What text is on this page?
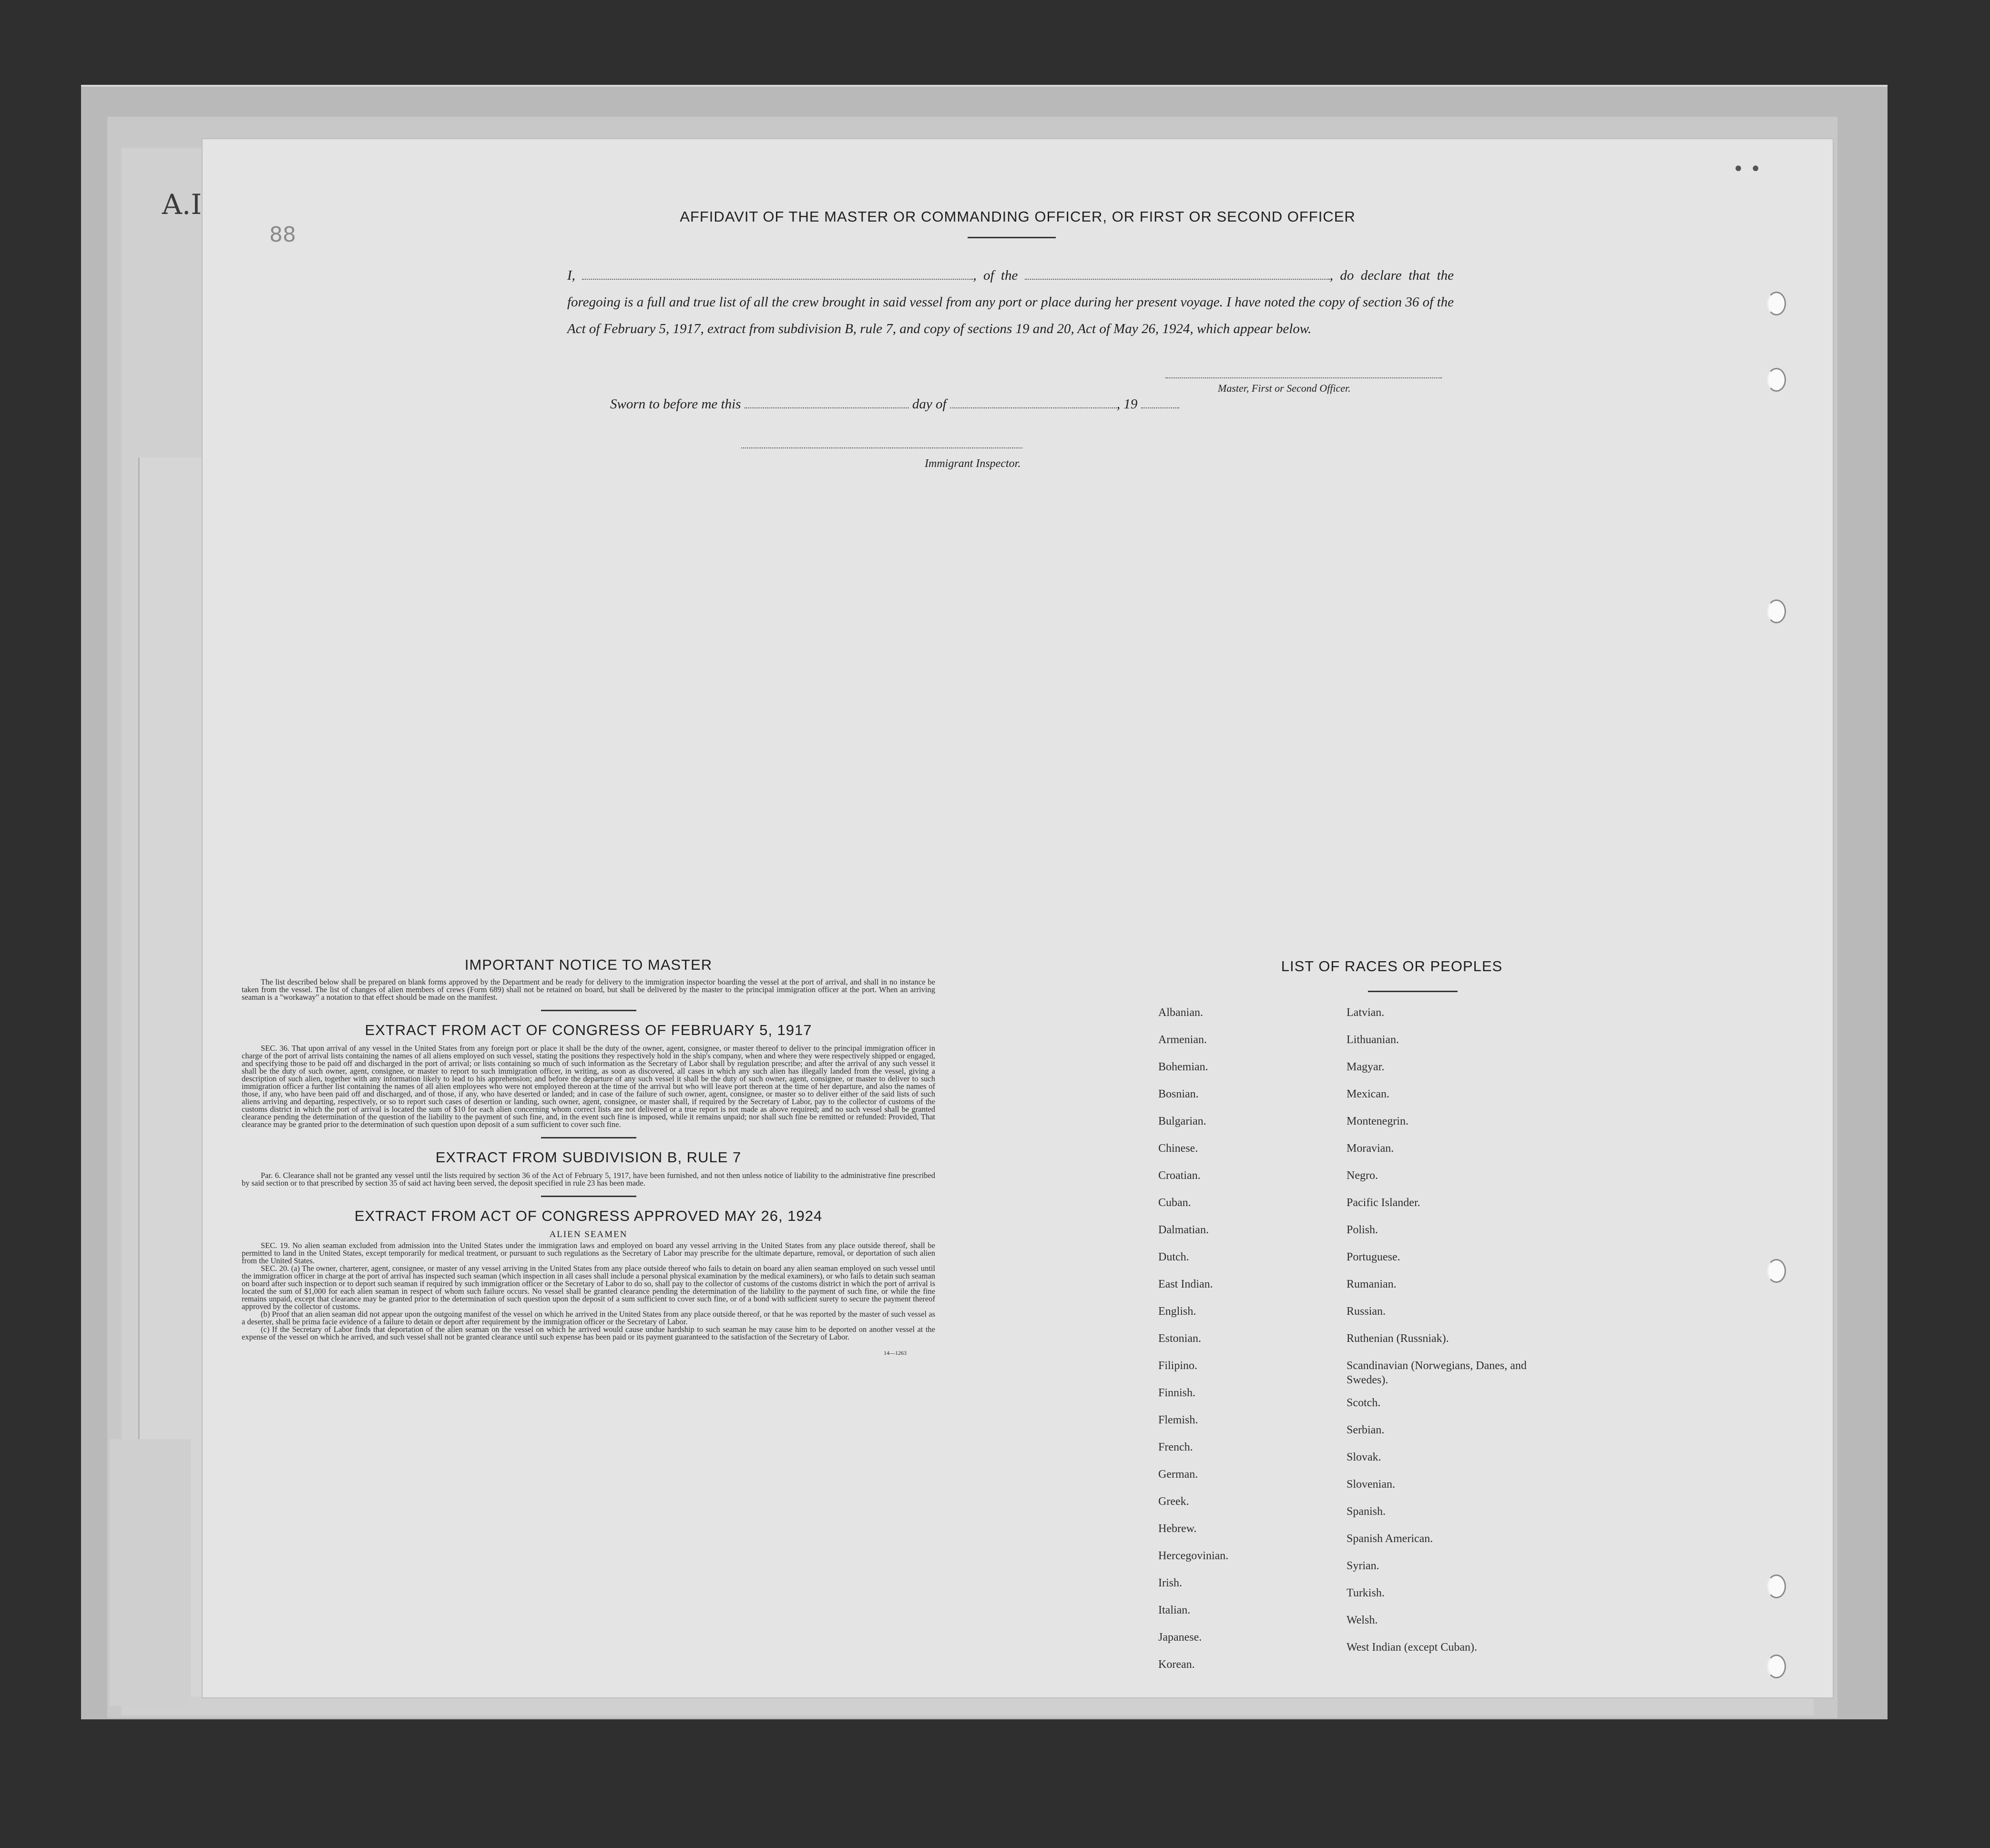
A.I
88
AFFIDAVIT OF THE MASTER OR COMMANDING OFFICER, OR FIRST OR SECOND OFFICER
I,	, of the	, do declare that the foregoing is a full and true list of all the crew brought in said vessel from any port or place during her present voyage. I have noted the copy of section 36 of the Act of February 5, 1917, extract from subdivision B, rule 7, and copy of sections 19 and 20, Act of May 26, 1924, which appear below.
Master, First or Second Officer.
Sworn to before me this	day of	, 19
Immigrant Inspector.
IMPORTANT NOTICE TO MASTER

The list described below shall be prepared on blank forms approved by the Department and be ready for delivery to the immigration inspector boarding the vessel at the port of arrival, and shall in no instance be taken from the vessel. The list of changes of alien members of crews (Form 689) shall not be retained on board, but shall be delivered by the master to the principal immigration officer at the port. When an arriving seaman is a "workaway" a notation to that effect should be made on the manifest.

EXTRACT FROM ACT OF CONGRESS OF FEBRUARY 5, 1917

SEC. 36. That upon arrival of any vessel in the United States from any foreign port or place it shall be the duty of the owner, agent, consignee, or master thereof to deliver to the principal immigration officer in charge of the port of arrival lists containing the names of all aliens employed on such vessel, stating the positions they respectively hold in the ship's company, when and where they were respectively shipped or engaged, and specifying those to be paid off and discharged in the port of arrival; or lists containing so much of such information as the Secretary of Labor shall by regulation prescribe; and after the arrival of any such vessel it shall be the duty of such owner, agent, consignee, or master to report to such immigration officer, in writing, as soon as discovered, all cases in which any such alien has illegally landed from the vessel, giving a description of such alien, together with any information likely to lead to his apprehension; and before the departure of any such vessel it shall be the duty of such owner, agent, consignee, or master to deliver to such immigration officer a further list containing the names of all alien employees who were not employed thereon at the time of the arrival but who will leave port thereon at the time of her departure, and also the names of those, if any, who have been paid off and discharged, and of those, if any, who have deserted or landed; and in case of the failure of such owner, agent, consignee, or master so to deliver either of the said lists of such aliens arriving and departing, respectively, or so to report such cases of desertion or landing, such owner, agent, consignee, or master shall, if required by the Secretary of Labor, pay to the collector of customs of the customs district in which the port of arrival is located the sum of $10 for each alien concerning whom correct lists are not delivered or a true report is not made as above required; and no such vessel shall be granted clearance pending the determination of the question of the liability to the payment of such fine, and, in the event such fine is imposed, while it remains unpaid; nor shall such fine be remitted or refunded: Provided, That clearance may be granted prior to the determination of such question upon deposit of a sum sufficient to cover such fine.

EXTRACT FROM SUBDIVISION B, RULE 7

Par. 6. Clearance shall not be granted any vessel until the lists required by section 36 of the Act of February 5, 1917, have been furnished, and not then unless notice of liability to the administrative fine prescribed by said section or to that prescribed by section 35 of said act having been served, the deposit specified in rule 23 has been made.

EXTRACT FROM ACT OF CONGRESS APPROVED MAY 26, 1924
ALIEN SEAMEN

SEC. 19. No alien seaman excluded from admission into the United States under the immigration laws and employed on board any vessel arriving in the United States from any place outside thereof, shall be permitted to land in the United States, except temporarily for medical treatment, or pursuant to such regulations as the Secretary of Labor may prescribe for the ultimate departure, removal, or deportation of such alien from the United States.

SEC. 20. (a) The owner, charterer, agent, consignee, or master of any vessel arriving in the United States from any place outside thereof who fails to detain on board any alien seaman employed on such vessel until the immigration officer in charge at the port of arrival has inspected such seaman (which inspection in all cases shall include a personal physical examination by the medical examiners), or who fails to detain such seaman on board after such inspection or to deport such seaman if required by such immigration officer or the Secretary of Labor to do so, shall pay to the collector of customs of the customs district in which the port of arrival is located the sum of $1,000 for each alien seaman in respect of whom such failure occurs. No vessel shall be granted clearance pending the determination of the liability to the payment of such fine, or while the fine remains unpaid, except that clearance may be granted prior to the determination of such question upon the deposit of a sum sufficient to cover such fine, or of a bond with sufficient surety to secure the payment thereof approved by the collector of customs.

(b) Proof that an alien seaman did not appear upon the outgoing manifest of the vessel on which he arrived in the United States from any place outside thereof, or that he was reported by the master of such vessel as a deserter, shall be prima facie evidence of a failure to detain or deport after requirement by the immigration officer or the Secretary of Labor.

(c) If the Secretary of Labor finds that deportation of the alien seaman on the vessel on which he arrived would cause undue hardship to such seaman he may cause him to be deported on another vessel at the expense of the vessel on which he arrived, and such vessel shall not be granted clearance until such expense has been paid or its payment guaranteed to the satisfaction of the Secretary of Labor.

14—1263
LIST OF RACES OR PEOPLES
Albanian.
Armenian.
Bohemian.
Bosnian.
Bulgarian.
Chinese.
Croatian.
Cuban.
Dalmatian.
Dutch.
East Indian.
English.
Estonian.
Filipino.
Finnish.
Flemish.
French.
German.
Greek.
Hebrew.
Hercegovinian.
Irish.
Italian.
Japanese.
Korean.
Latvian.
Lithuanian.
Magyar.
Mexican.
Montenegrin.
Moravian.
Negro.
Pacific Islander.
Polish.
Portuguese.
Rumanian.
Russian.
Ruthenian (Russniak).
Scandinavian (Norwegians, Danes, and Swedes).
Scotch.
Serbian.
Slovak.
Slovenian.
Spanish.
Spanish American.
Syrian.
Turkish.
Welsh.
West Indian (except Cuban).
• •
